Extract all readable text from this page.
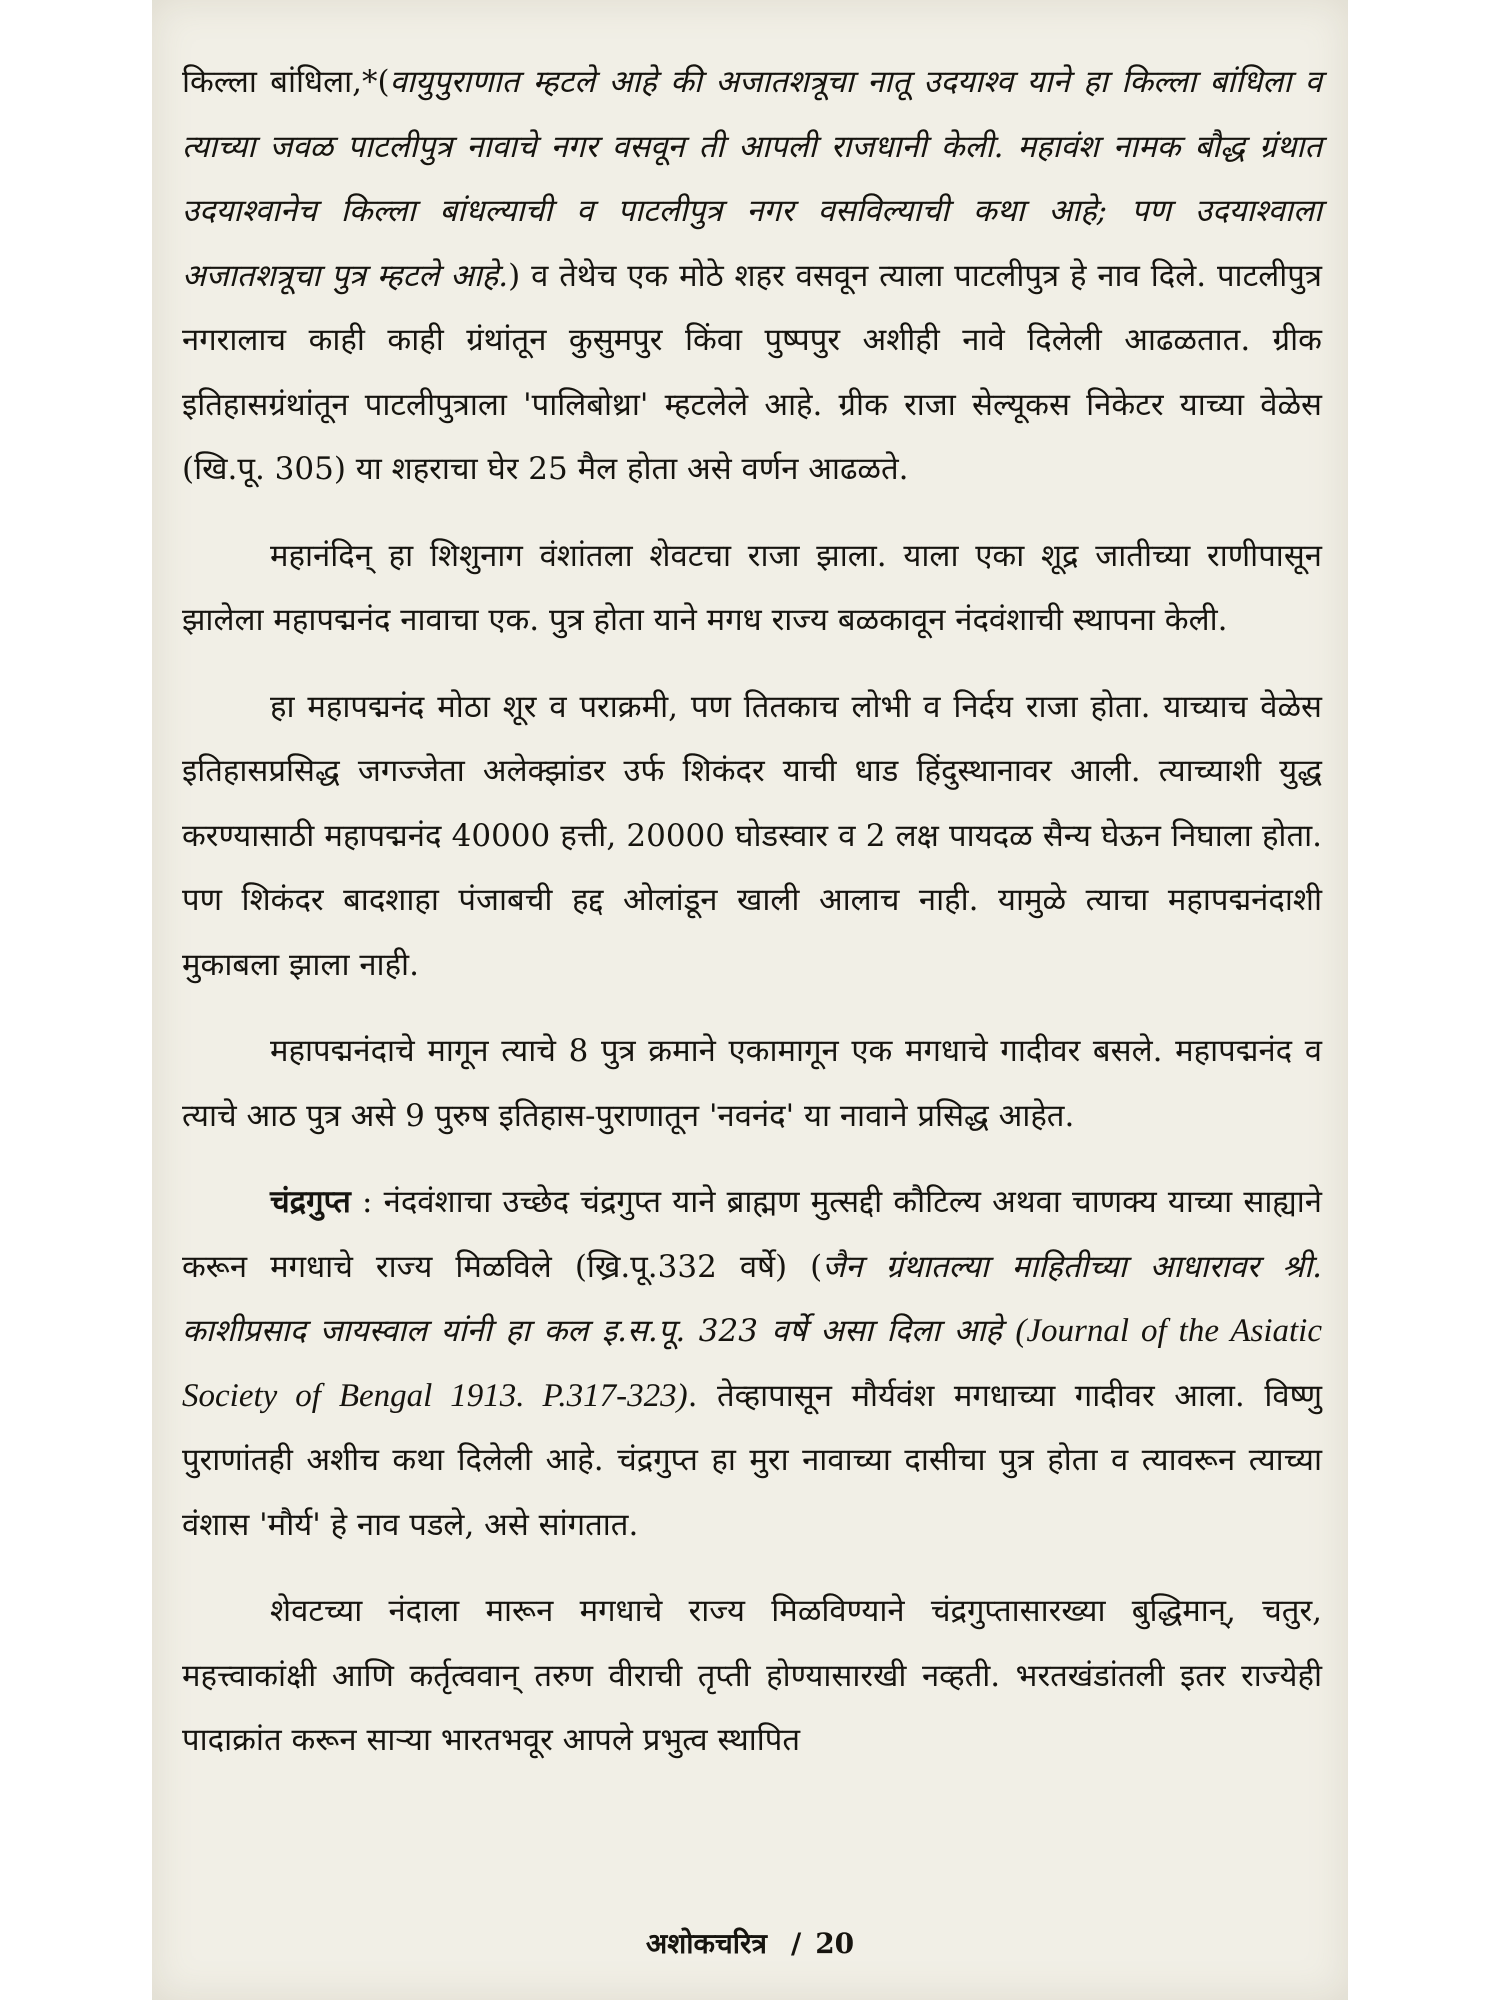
किल्ला बांधिला,*(वायुपुराणात म्हटले आहे की अजातशत्रूचा नातू उदयाश्व याने हा किल्ला बांधिला व त्याच्या जवळ पाटलीपुत्र नावाचे नगर वसवून ती आपली राजधानी केली. महावंश नामक बौद्ध ग्रंथात उदयाश्वानेच किल्ला बांधल्याची व पाटलीपुत्र नगर वसविल्याची कथा आहे; पण उदयाश्वाला अजातशत्रूचा पुत्र म्हटले आहे.) व तेथेच एक मोठे शहर वसवून त्याला पाटलीपुत्र हे नाव दिले. पाटलीपुत्र नगरालाच काही काही ग्रंथांतून कुसुमपुर किंवा पुष्पपुर अशीही नावे दिलेली आढळतात. ग्रीक इतिहासग्रंथांतून पाटलीपुत्राला 'पालिबोथ्रा' म्हटलेले आहे. ग्रीक राजा सेल्यूकस निकेटर याच्या वेळेस (खि.पू. 305) या शहराचा घेर 25 मैल होता असे वर्णन आढळते.

महानंदिन् हा शिशुनाग वंशांतला शेवटचा राजा झाला. याला एका शूद्र जातीच्या राणीपासून झालेला महापद्मनंद नावाचा एक. पुत्र होता याने मगध राज्य बळकावून नंदवंशाची स्थापना केली.

हा महापद्मनंद मोठा शूर व पराक्रमी, पण तितकाच लोभी व निर्दय राजा होता. याच्याच वेळेस इतिहासप्रसिद्ध जगज्जेता अलेक्झांडर उर्फ शिकंदर याची धाड हिंदुस्थानावर आली. त्याच्याशी युद्ध करण्यासाठी महापद्मनंद 40000 हत्ती, 20000 घोडस्वार व 2 लक्ष पायदळ सैन्य घेऊन निघाला होता. पण शिकंदर बादशाहा पंजाबची हद्द ओलांडून खाली आलाच नाही. यामुळे त्याचा महापद्मनंदाशी मुकाबला झाला नाही.

महापद्मनंदाचे मागून त्याचे 8 पुत्र क्रमाने एकामागून एक मगधाचे गादीवर बसले. महापद्मनंद व त्याचे आठ पुत्र असे 9 पुरुष इतिहास-पुराणातून 'नवनंद' या नावाने प्रसिद्ध आहेत.

चंद्रगुप्त : नंदवंशाचा उच्छेद चंद्रगुप्त याने ब्राह्मण मुत्सद्दी कौटिल्य अथवा चाणक्य याच्या साह्याने करून मगधाचे राज्य मिळविले (ख्रि.पू.332 वर्षे) (जैन ग्रंथातल्या माहितीच्या आधारावर श्री. काशीप्रसाद जायस्वाल यांनी हा कल इ.स.पू. 323 वर्षे असा दिला आहे (Journal of the Asiatic Society of Bengal 1913. P.317-323). तेव्हापासून मौर्यवंश मगधाच्या गादीवर आला. विष्णु पुराणांतही अशीच कथा दिलेली आहे. चंद्रगुप्त हा मुरा नावाच्या दासीचा पुत्र होता व त्यावरून त्याच्या वंशास 'मौर्य' हे नाव पडले, असे सांगतात.

शेवटच्या नंदाला मारून मगधाचे राज्य मिळविण्याने चंद्रगुप्तासारख्या बुद्धिमान्, चतुर, महत्त्वाकांक्षी आणि कर्तृत्ववान् तरुण वीराची तृप्ती होण्यासारखी नव्हती. भरतखंडांतली इतर राज्येही पादाक्रांत करून साऱ्या भारतभवूर आपले प्रभुत्व स्थापित

अशोकचरित्र / 20
